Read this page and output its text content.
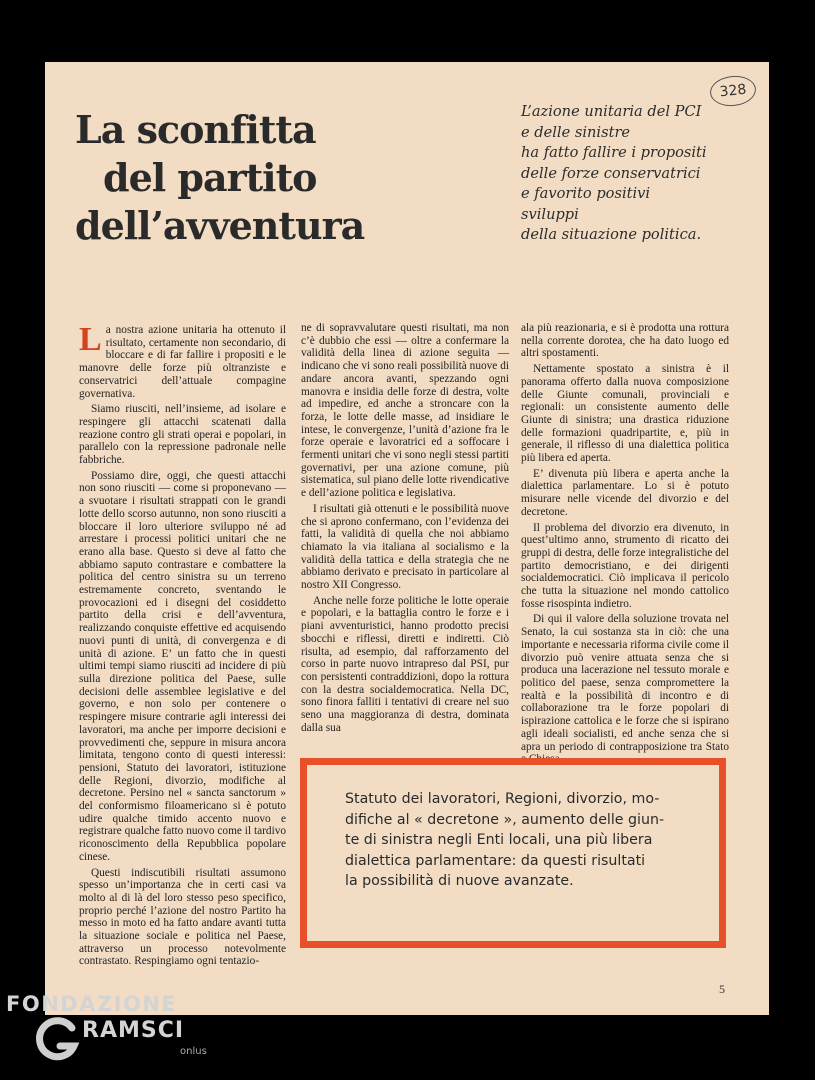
328
La sconfitta
del partito
dell’avventura
L’azione unitaria del PCI
e delle sinistre
ha fatto fallire i propositi
delle forze conservatrici
e favorito positivi
sviluppi
della situazione politica.

La nostra azione unitaria ha ottenuto il risultato, certamente non secondario, di bloccare e di far fallire i propositi e le manovre delle forze più oltranziste e conservatrici dell’attuale compagine governativa.

Siamo riusciti, nell’insieme, ad isolare e respingere gli attacchi scatenati dalla reazione contro gli strati operai e popolari, in parallelo con la repressione padronale nelle fabbriche.

Possiamo dire, oggi, che questi attacchi non sono riusciti — come si proponevano — a svuotare i risultati strappati con le grandi lotte dello scorso autunno, non sono riusciti a bloccare il loro ulteriore sviluppo né ad arrestare i processi politici unitari che ne erano alla base. Questo si deve al fatto che abbiamo saputo contrastare e combattere la politica del centro sinistra su un terreno estremamente concreto, sventando le provocazioni ed i disegni del cosiddetto partito della crisi e dell’avventura, realizzando conquiste effettive ed acquisendo nuovi punti di unità, di convergenza e di unità di azione. E’ un fatto che in questi ultimi tempi siamo riusciti ad incidere di più sulla direzione politica del Paese, sulle decisioni delle assemblee legislative e del governo, e non solo per contenere o respingere misure contrarie agli interessi dei lavoratori, ma anche per imporre decisioni e provvedimenti che, seppure in misura ancora limitata, tengono conto di questi interessi: pensioni, Statuto dei lavoratori, istituzione delle Regioni, divorzio, modifiche al decretone. Persino nel « sancta sanctorum » del conformismo filoamericano si è potuto udire qualche timido accento nuovo e registrare qualche fatto nuovo come il tardivo riconoscimento della Repubblica popolare cinese.

Questi indiscutibili risultati assumono spesso un’importanza che in certi casi va molto al di là del loro stesso peso specifico, proprio perché l’azione del nostro Partito ha messo in moto ed ha fatto andare avanti tutta la situazione sociale e politica nel Paese, attraverso un processo notevolmente contrastato. Respingiamo ogni tentazio-

ne di sopravvalutare questi risultati, ma non c’è dubbio che essi — oltre a confermare la validità della linea di azione seguita — indicano che vi sono reali possibilità nuove di andare ancora avanti, spezzando ogni manovra e insidia delle forze di destra, volte ad impedire, ed anche a stroncare con la forza, le lotte delle masse, ad insidiare le intese, le convergenze, l’unità d’azione fra le forze operaie e lavoratrici ed a soffocare i fermenti unitari che vi sono negli stessi partiti governativi, per una azione comune, più sistematica, sul piano delle lotte rivendicative e dell’azione politica e legislativa.

I risultati già ottenuti e le possibilità nuove che si aprono confermano, con l’evidenza dei fatti, la validità di quella che noi abbiamo chiamato la via italiana al socialismo e la validità della tattica e della strategia che ne abbiamo derivato e precisato in particolare al nostro XII Congresso.

Anche nelle forze politiche le lotte operaie e popolari, e la battaglia contro le forze e i piani avventuristici, hanno prodotto precisi sbocchi e riflessi, diretti e indiretti. Ciò risulta, ad esempio, dal rafforzamento del corso in parte nuovo intrapreso dal PSI, pur con persistenti contraddizioni, dopo la rottura con la destra socialdemocratica. Nella DC, sono finora falliti i tentativi di creare nel suo seno una maggioranza di destra, dominata dalla sua

ala più reazionaria, e si è prodotta una rottura nella corrente dorotea, che ha dato luogo ed altri spostamenti.

Nettamente spostato a sinistra è il panorama offerto dalla nuova composizione delle Giunte comunali, provinciali e regionali: un consistente aumento delle Giunte di sinistra; una drastica riduzione delle formazioni quadripartite, e, più in generale, il riflesso di una dialettica politica più libera ed aperta.

E’ divenuta più libera e aperta anche la dialettica parlamentare. Lo si è potuto misurare nelle vicende del divorzio e del decretone.

Il problema del divorzio era divenuto, in quest’ultimo anno, strumento di ricatto dei gruppi di destra, delle forze integralistiche del partito democristiano, e dei dirigenti socialdemocratici. Ciò implicava il pericolo che tutta la situazione nel mondo cattolico fosse risospinta indietro.

Di qui il valore della soluzione trovata nel Senato, la cui sostanza sta in ciò: che una importante e necessaria riforma civile come il divorzio può venire attuata senza che si produca una lacerazione nel tessuto morale e politico del paese, senza compromettere la realtà e la possibilità di incontro e di collaborazione tra le forze popolari di ispirazione cattolica e le forze che si ispirano agli ideali socialisti, ed anche senza che si apra un periodo di contrapposizione tra Stato

Statuto dei lavoratori, Regioni, divorzio, mo-
difiche al « decretone », aumento delle giun-
te di sinistra negli Enti locali, una più libera
dialettica parlamentare: da questi risultati
la possibilità di nuove avanzate.

5
FONDAZIONE
RAMSCI
onlus
